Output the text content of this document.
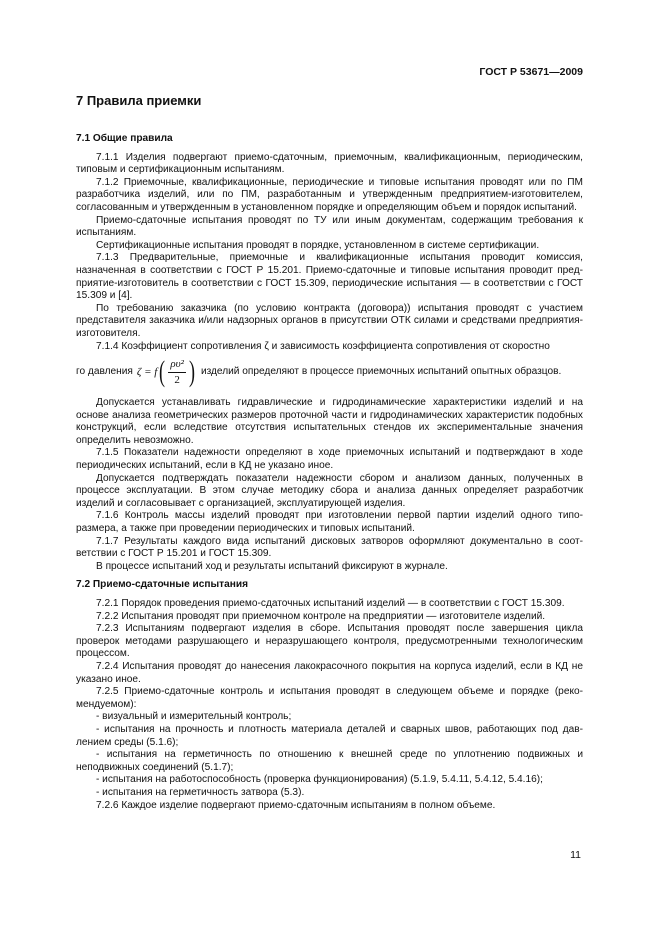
ГОСТ Р 53671—2009
7 Правила приемки
7.1 Общие правила

7.1.1 Изделия подвергают приемо-сдаточным, приемочным, квалификационным, периодическим, типовым и сертификационным испытаниям.

7.1.2 Приемочные, квалификационные, периодические и типовые испытания проводят или по ПМ разработчика изделий, или по ПМ, разработанным и утвержденным предприятием-изготовителем, согласованным и утвержденным в установленном порядке и определяющим объем и порядок испытаний.

Приемо-сдаточные испытания проводят по ТУ или иным документам, содержащим требования к испытаниям.

Сертификационные испытания проводят в порядке, установленном в системе сертификации.

7.1.3 Предварительные, приемочные и квалификационные испытания проводит комиссия, назначенная в соответствии с ГОСТ Р 15.201. Приемо-сдаточные и типовые испытания проводит предприятие-изготовитель в соответствии с ГОСТ 15.309, периодические испытания — в соответствии с ГОСТ 15.309 и [4].

По требованию заказчика (по условию контракта (договора)) испытания проводят с участием представителя заказчика и/или надзорных органов в присутствии ОТК силами и средствами предприятия-изготовителя.

7.1.4 Коэффициент сопротивления ζ и зависимость коэффициента сопротивления от скоростно

го давления ζ = f ( $\frac{\text{ρυ²}}{2}$ ) изделий определяют в процессе приемочных испытаний опытных образцов.

Допускается устанавливать гидравлические и гидродинамические характеристики изделий и на основе анализа геометрических размеров проточной части и гидродинамических характеристик подобных конструкций, если вследствие отсутствия испытательных стендов их экспериментальные значения определить невозможно.

7.1.5 Показатели надежности определяют в ходе приемочных испытаний и подтверждают в ходе периодических испытаний, если в КД не указано иное.

Допускается подтверждать показатели надежности сбором и анализом данных, полученных в процессе эксплуатации. В этом случае методику сбора и анализа данных определяет разработчик изделий и согласовывает с организацией, эксплуатирующей изделия.

7.1.6 Контроль массы изделий проводят при изготовлении первой партии изделий одного типоразмера, а также при проведении периодических и типовых испытаний.

7.1.7 Результаты каждого вида испытаний дисковых затворов оформляют документально в соответствии с ГОСТ Р 15.201 и ГОСТ 15.309.

В процессе испытаний ход и результаты испытаний фиксируют в журнале.

7.2 Приемо-сдаточные испытания

7.2.1 Порядок проведения приемо-сдаточных испытаний изделий — в соответствии с ГОСТ 15.309.

7.2.2 Испытания проводят при приемочном контроле на предприятии — изготовителе изделий.

7.2.3 Испытаниям подвергают изделия в сборе. Испытания проводят после завершения цикла проверок методами разрушающего и неразрушающего контроля, предусмотренными технологическим процессом.

7.2.4 Испытания проводят до нанесения лакокрасочного покрытия на корпуса изделий, если в КД не указано иное.

7.2.5 Приемо-сдаточные контроль и испытания проводят в следующем объеме и порядке (рекомендуемом):

- визуальный и измерительный контроль;

- испытания на прочность и плотность материала деталей и сварных швов, работающих под давлением среды (5.1.6);

- испытания на герметичность по отношению к внешней среде по уплотнению подвижных и неподвижных соединений (5.1.7);

- испытания на работоспособность (проверка функционирования) (5.1.9, 5.4.11, 5.4.12, 5.4.16);

- испытания на герметичность затвора (5.3).

7.2.6 Каждое изделие подвергают приемо-сдаточным испытаниям в полном объеме.

11
